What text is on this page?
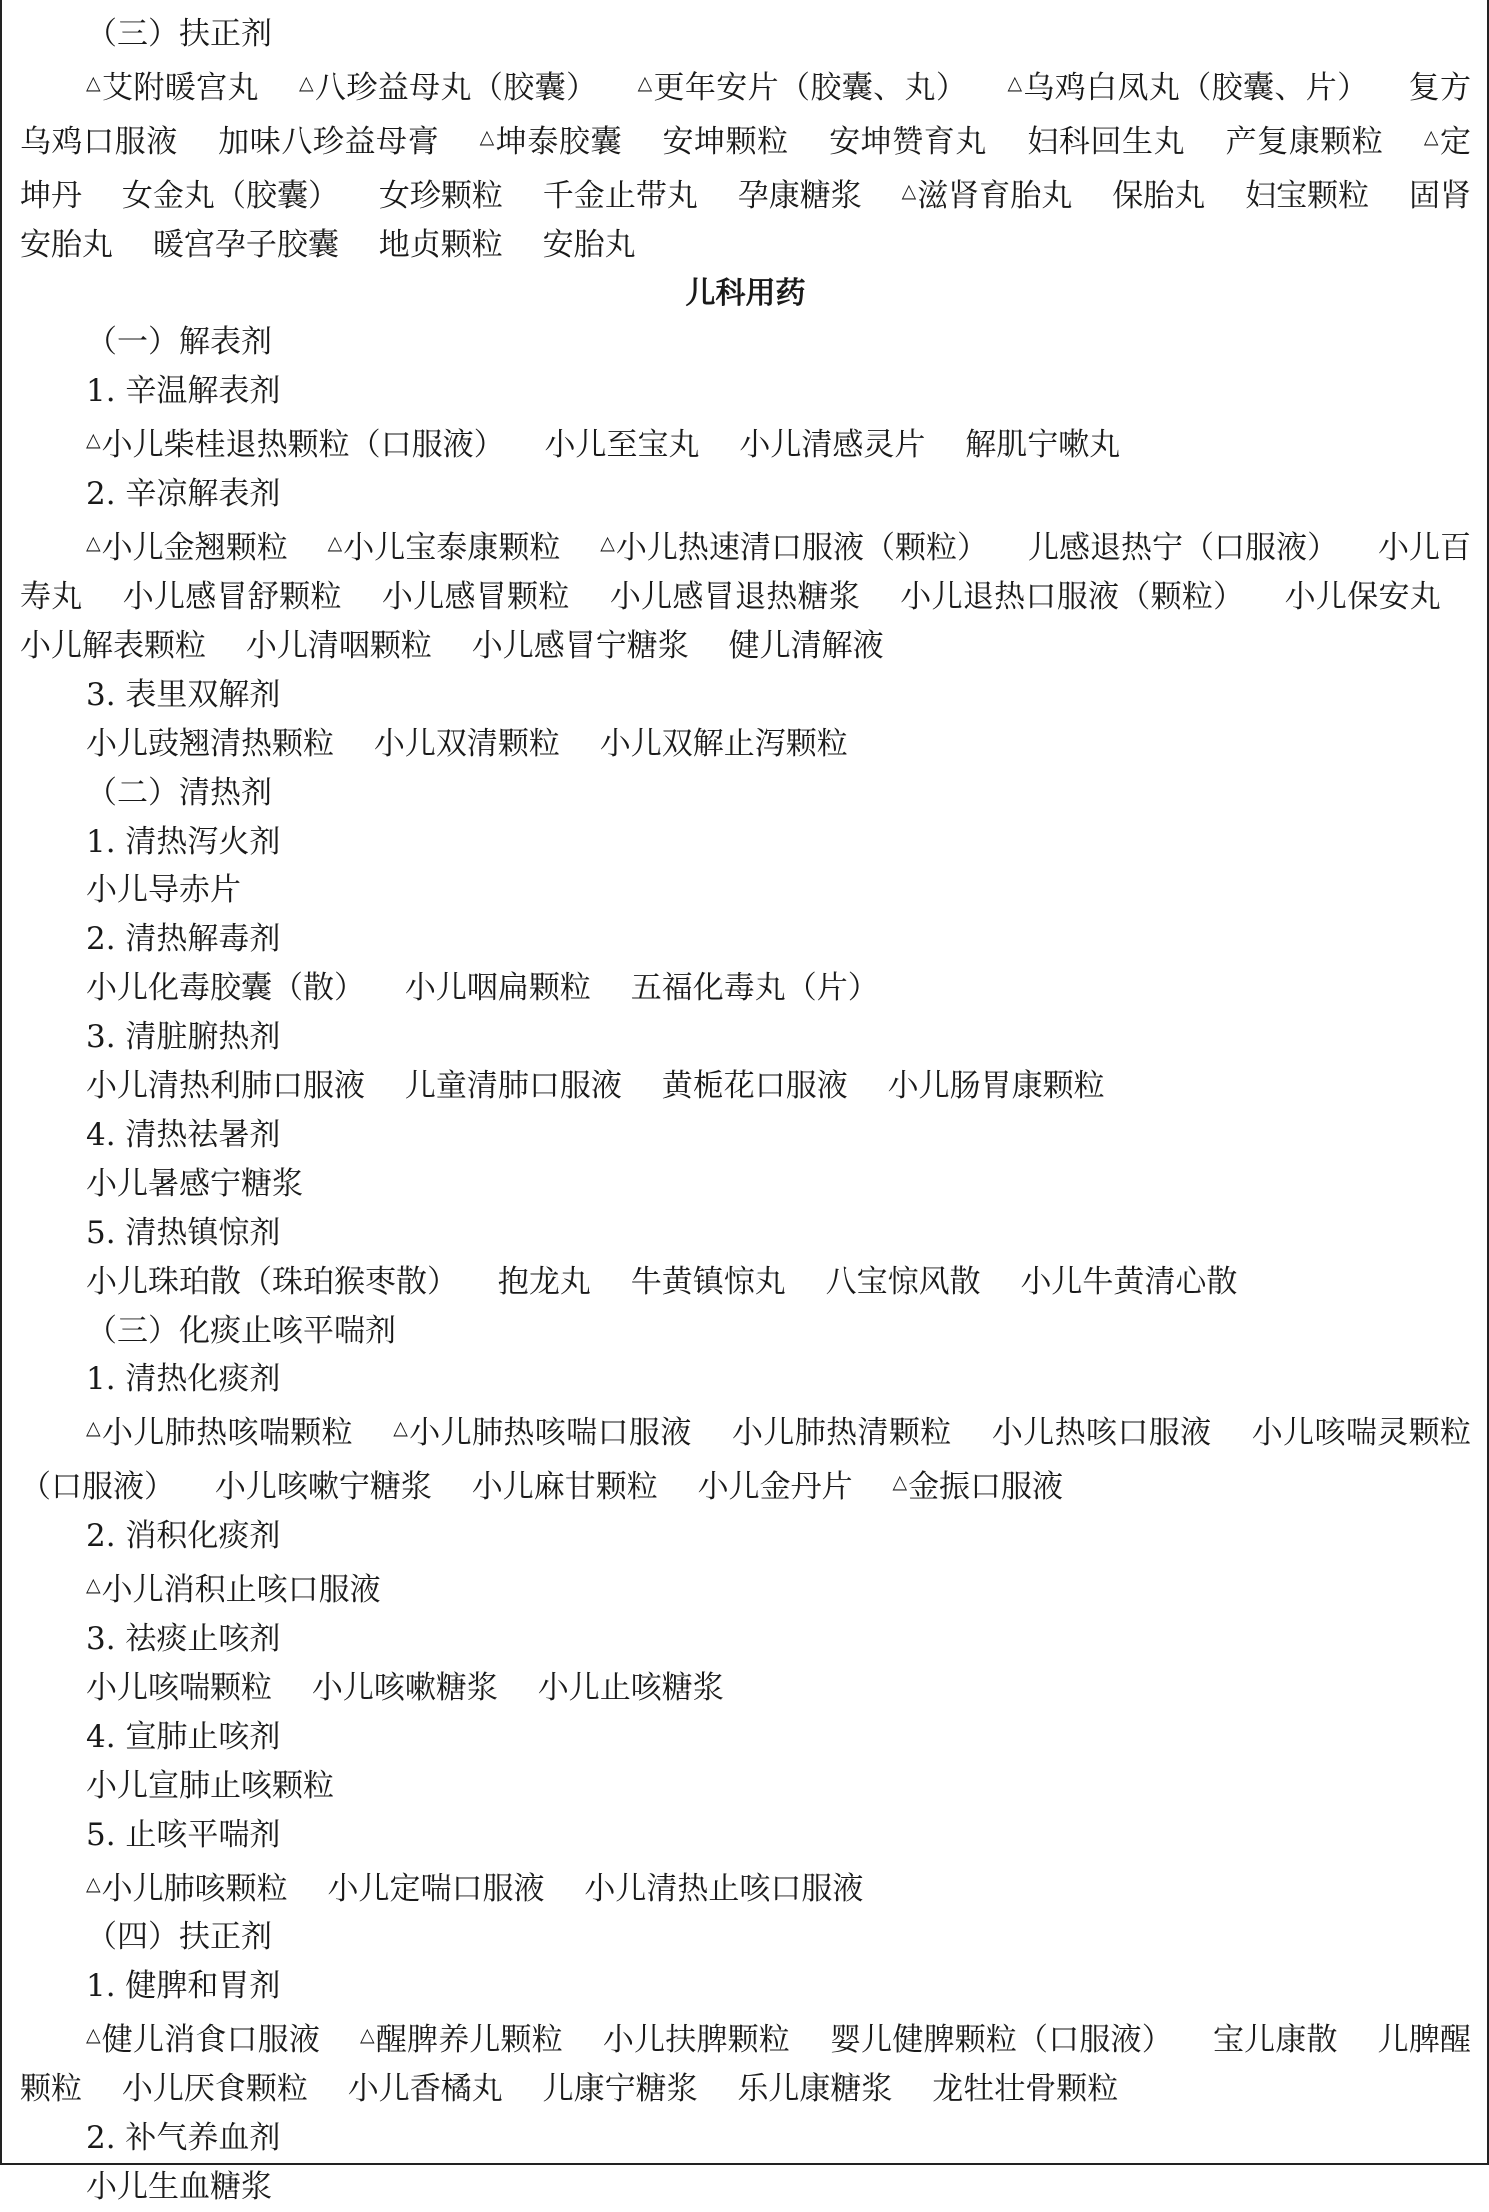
（三）扶正剂
△艾附暖宫丸 △八珍益母丸（胶囊） △更年安片（胶囊、丸） △乌鸡白凤丸（胶囊、片） 复方乌鸡口服液 加味八珍益母膏 △坤泰胶囊 安坤颗粒 安坤赞育丸 妇科回生丸 产复康颗粒 △定坤丹 女金丸（胶囊） 女珍颗粒 千金止带丸 孕康糖浆 △滋肾育胎丸 保胎丸 妇宝颗粒 固肾安胎丸 暖宫孕子胶囊 地贞颗粒 安胎丸
儿科用药
（一）解表剂
1. 辛温解表剂
△小儿柴桂退热颗粒（口服液） 小儿至宝丸 小儿清感灵片 解肌宁嗽丸
2. 辛凉解表剂
△小儿金翘颗粒 △小儿宝泰康颗粒 △小儿热速清口服液（颗粒） 儿感退热宁（口服液） 小儿百寿丸 小儿感冒舒颗粒 小儿感冒颗粒 小儿感冒退热糖浆 小儿退热口服液（颗粒） 小儿保安丸 小儿解表颗粒 小儿清咽颗粒 小儿感冒宁糖浆 健儿清解液
3. 表里双解剂
小儿豉翘清热颗粒 小儿双清颗粒 小儿双解止泻颗粒
（二）清热剂
1. 清热泻火剂
小儿导赤片
2. 清热解毒剂
小儿化毒胶囊（散） 小儿咽扁颗粒 五福化毒丸（片）
3. 清脏腑热剂
小儿清热利肺口服液 儿童清肺口服液 黄栀花口服液 小儿肠胃康颗粒
4. 清热祛暑剂
小儿暑感宁糖浆
5. 清热镇惊剂
小儿珠珀散（珠珀猴枣散） 抱龙丸 牛黄镇惊丸 八宝惊风散 小儿牛黄清心散
（三）化痰止咳平喘剂
1. 清热化痰剂
△小儿肺热咳喘颗粒 △小儿肺热咳喘口服液 小儿肺热清颗粒 小儿热咳口服液 小儿咳喘灵颗粒（口服液） 小儿咳嗽宁糖浆 小儿麻甘颗粒 小儿金丹片 △金振口服液
2. 消积化痰剂
△小儿消积止咳口服液
3. 祛痰止咳剂
小儿咳喘颗粒 小儿咳嗽糖浆 小儿止咳糖浆
4. 宣肺止咳剂
小儿宣肺止咳颗粒
5. 止咳平喘剂
△小儿肺咳颗粒 小儿定喘口服液 小儿清热止咳口服液
（四）扶正剂
1. 健脾和胃剂
△健儿消食口服液 △醒脾养儿颗粒 小儿扶脾颗粒 婴儿健脾颗粒（口服液） 宝儿康散 儿脾醒颗粒 小儿厌食颗粒 小儿香橘丸 儿康宁糖浆 乐儿康糖浆 龙牡壮骨颗粒
2. 补气养血剂
小儿生血糖浆
